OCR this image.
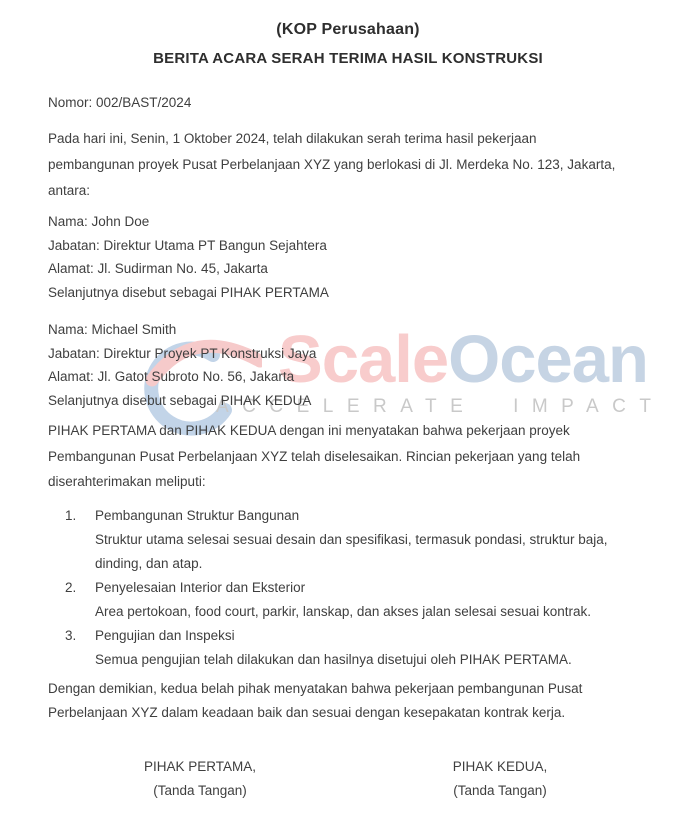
ScaleOcean
ACCELERATE IMPACT
(KOP Perusahaan)
BERITA ACARA SERAH TERIMA HASIL KONSTRUKSI
Nomor: 002/BAST/2024
Pada hari ini, Senin, 1 Oktober 2024, telah dilakukan serah terima hasil pekerjaan pembangunan proyek Pusat Perbelanjaan XYZ yang berlokasi di Jl. Merdeka No. 123, Jakarta, antara:
Nama: John Doe
Jabatan: Direktur Utama PT Bangun Sejahtera
Alamat: Jl. Sudirman No. 45, Jakarta
Selanjutnya disebut sebagai PIHAK PERTAMA
Nama: Michael Smith
Jabatan: Direktur Proyek PT Konstruksi Jaya
Alamat: Jl. Gatot Subroto No. 56, Jakarta
Selanjutnya disebut sebagai PIHAK KEDUA
PIHAK PERTAMA dan PIHAK KEDUA dengan ini menyatakan bahwa pekerjaan proyek Pembangunan Pusat Perbelanjaan XYZ telah diselesaikan. Rincian pekerjaan yang telah diserahterimakan meliputi:
1.	Pembangunan Struktur Bangunan
Struktur utama selesai sesuai desain dan spesifikasi, termasuk pondasi, struktur baja, dinding, dan atap.
2.	Penyelesaian Interior dan Eksterior
Area pertokoan, food court, parkir, lanskap, dan akses jalan selesai sesuai kontrak.
3.	Pengujian dan Inspeksi
Semua pengujian telah dilakukan dan hasilnya disetujui oleh PIHAK PERTAMA.
Dengan demikian, kedua belah pihak menyatakan bahwa pekerjaan pembangunan Pusat Perbelanjaan XYZ dalam keadaan baik dan sesuai dengan kesepakatan kontrak kerja.
PIHAK PERTAMA,
(Tanda Tangan)
PIHAK KEDUA,
(Tanda Tangan)
